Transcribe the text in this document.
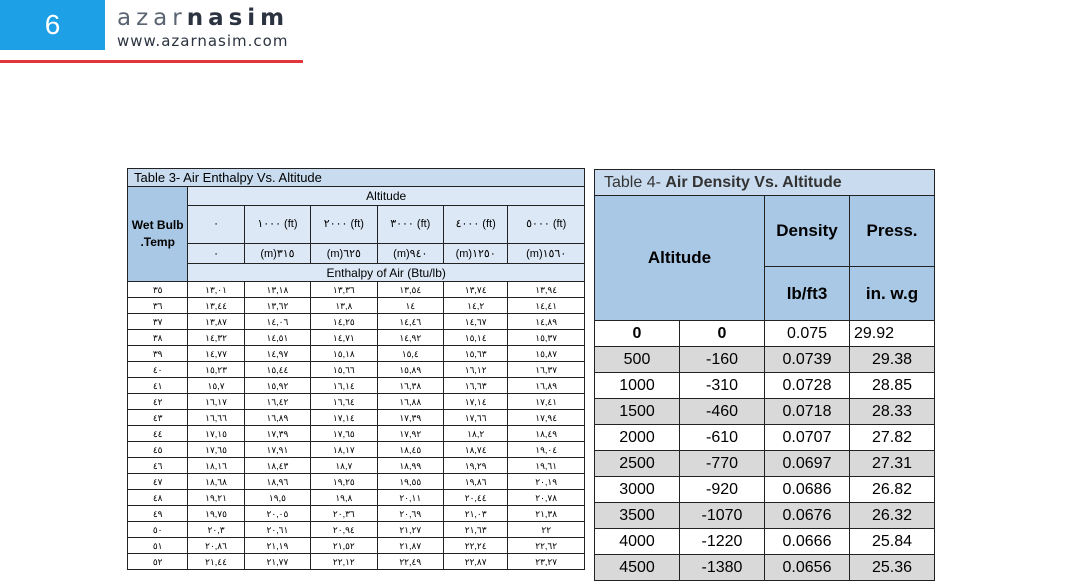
6	azarnasim
www.azarnasim.com
Table 3- Air Enthalpy Vs. Altitude						
Wet Bulb .Temp	Altitude					
	٠	١٠٠٠ (ft)	٢٠٠٠ (ft)	٣٠٠٠ (ft)	٤٠٠٠ (ft)	٥٠٠٠ (ft)
	٠	(m)٣١٥	(m)٦٢٥	(m)٩٤٠	(m)١٢٥٠	(m)١٥٦٠
	Enthalpy of Air (Btu/lb)					
٣٥	١٣,٠١	١٣,١٨	١٣,٣٦	١٣,٥٤	١٣,٧٤	١٣,٩٤
٣٦	١٣,٤٤	١٣,٦٢	١٣,٨	١٤	١٤,٢	١٤,٤١
٣٧	١٣,٨٧	١٤,٠٦	١٤,٢٥	١٤,٤٦	١٤,٦٧	١٤,٨٩
٣٨	١٤,٣٢	١٤,٥١	١٤,٧١	١٤,٩٢	١٥,١٤	١٥,٣٧
٣٩	١٤,٧٧	١٤,٩٧	١٥,١٨	١٥,٤	١٥,٦٣	١٥,٨٧
٤٠	١٥,٢٣	١٥,٤٤	١٥,٦٦	١٥,٨٩	١٦,١٢	١٦,٣٧
٤١	١٥,٧	١٥,٩٢	١٦,١٤	١٦,٣٨	١٦,٦٣	١٦,٨٩
٤٢	١٦,١٧	١٦,٤٢	١٦,٦٤	١٦,٨٨	١٧,١٤	١٧,٤١
٤٣	١٦,٦٦	١٦,٨٩	١٧,١٤	١٧,٣٩	١٧,٦٦	١٧,٩٤
٤٤	١٧,١٥	١٧,٣٩	١٧,٦٥	١٧,٩٢	١٨,٢	١٨,٤٩
٤٥	١٧,٦٥	١٧,٩١	١٨,١٧	١٨,٤٥	١٨,٧٤	١٩,٠٤
٤٦	١٨,١٦	١٨,٤٣	١٨,٧	١٨,٩٩	١٩,٢٩	١٩,٦١
٤٧	١٨,٦٨	١٨,٩٦	١٩,٢٥	١٩,٥٥	١٩,٨٦	٢٠,١٩
٤٨	١٩,٢١	١٩,٥	١٩,٨	٢٠,١١	٢٠,٤٤	٢٠,٧٨
٤٩	١٩,٧٥	٢٠,٠٥	٢٠,٣٦	٢٠,٦٩	٢١,٠٣	٢١,٣٨
٥٠	٢٠,٣	٢٠,٦١	٢٠,٩٤	٢١,٢٧	٢١,٦٣	٢٢
٥١	٢٠,٨٦	٢١,١٩	٢١,٥٢	٢١,٨٧	٢٢,٢٤	٢٢,٦٢
٥٢	٢١,٤٤	٢١,٧٧	٢٢,١٢	٢٢,٤٩	٢٢,٨٧	٢٣,٢٧
Table 4- Air Density Vs. Altitude			
Altitude		Density	Press.
		lb/ft3	in. w.g
0	0	0.075	29.92
500	-160	0.0739	29.38
1000	-310	0.0728	28.85
1500	-460	0.0718	28.33
2000	-610	0.0707	27.82
2500	-770	0.0697	27.31
3000	-920	0.0686	26.82
3500	-1070	0.0676	26.32
4000	-1220	0.0666	25.84
4500	-1380	0.0656	25.36
